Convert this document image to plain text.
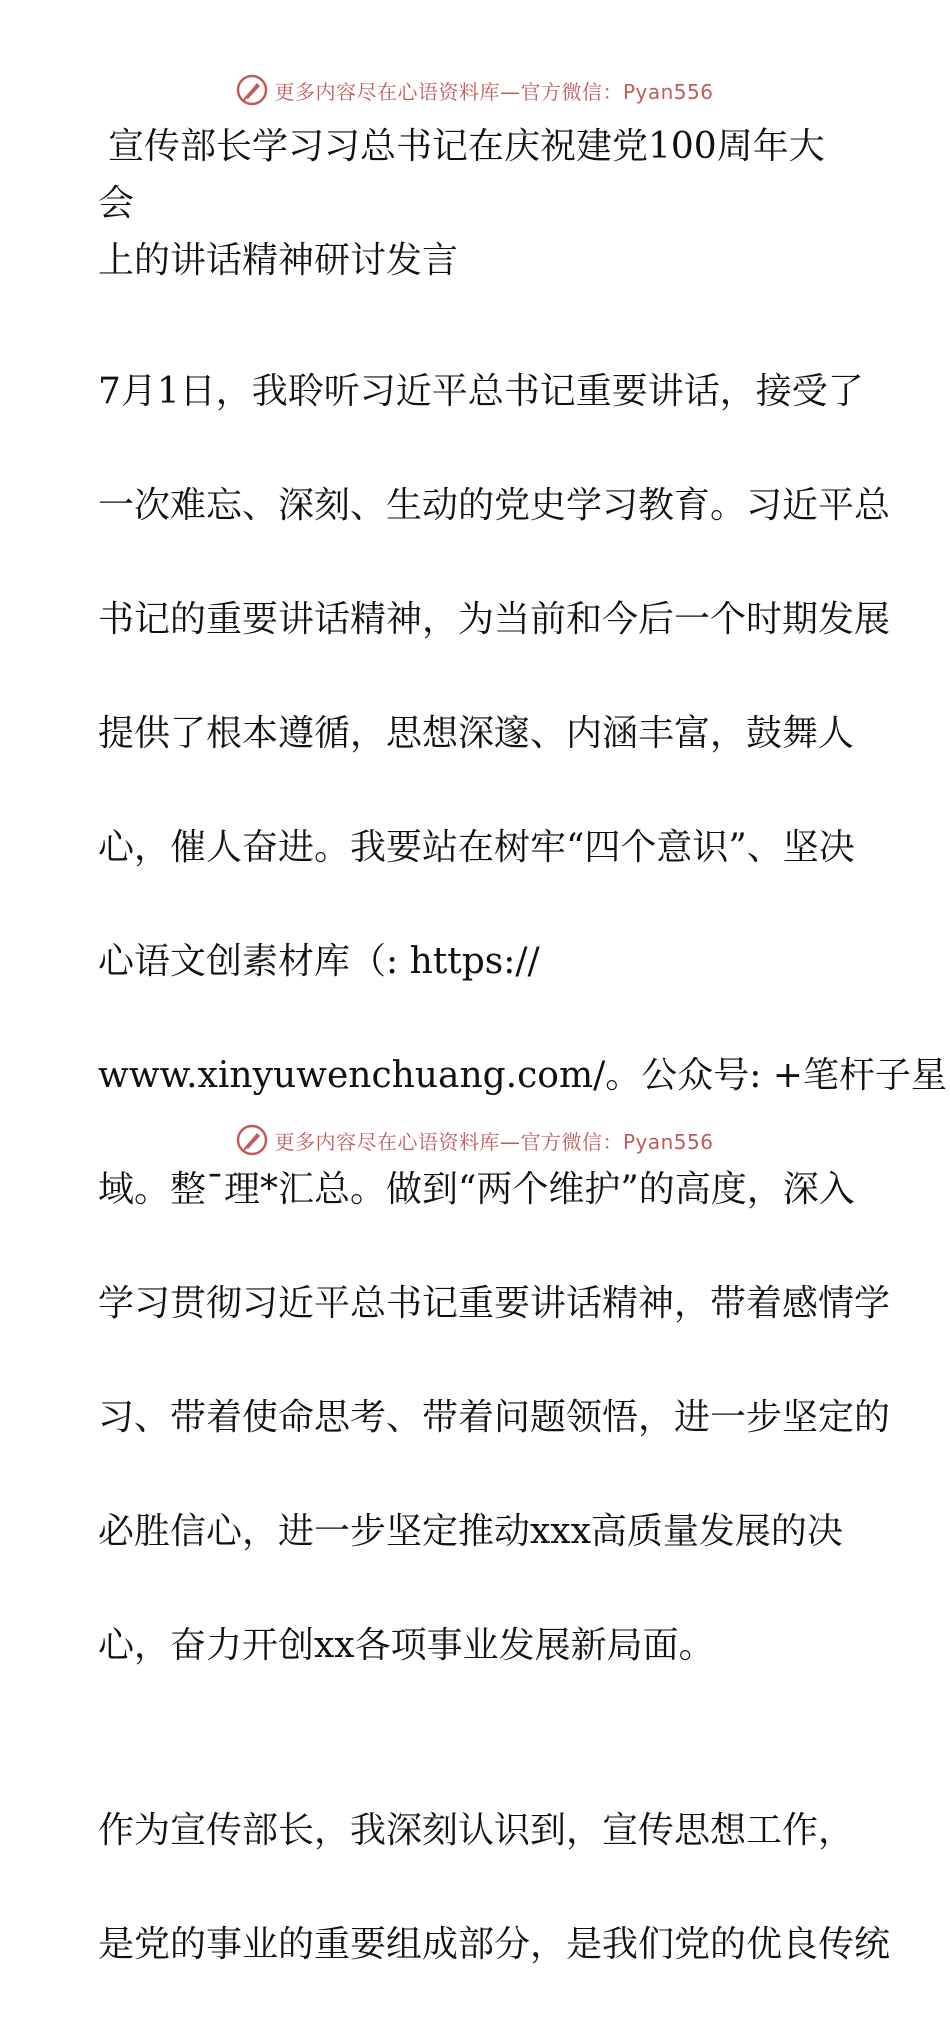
更多内容尽在心语资料库—官方微信：Pyan556
宣传部长学习习总书记在庆祝建党100周年大会
上的讲话精神研讨发言

7月1日，我聆听习近平总书记重要讲话，接受了

一次难忘、深刻、生动的党史学习教育。习近平总

书记的重要讲话精神，为当前和今后一个时期发展

提供了根本遵循，思想深邃、内涵丰富，鼓舞人

心，催人奋进。我要站在树牢“四个意识”、坚决

心语文创素材库（: https://

www.xinyuwenchuang.com/。公众号: +笔杆子星

域。整¯理*汇总。做到“两个维护”的高度，深入

学习贯彻习近平总书记重要讲话精神，带着感情学

习、带着使命思考、带着问题领悟，进一步坚定的

必胜信心，进一步坚定推动xxx高质量发展的决

心，奋力开创xx各项事业发展新局面。

作为宣传部长，我深刻认识到，宣传思想工作，

是党的事业的重要组成部分，是我们党的优良传统

更多内容尽在心语资料库—官方微信：Pyan556
